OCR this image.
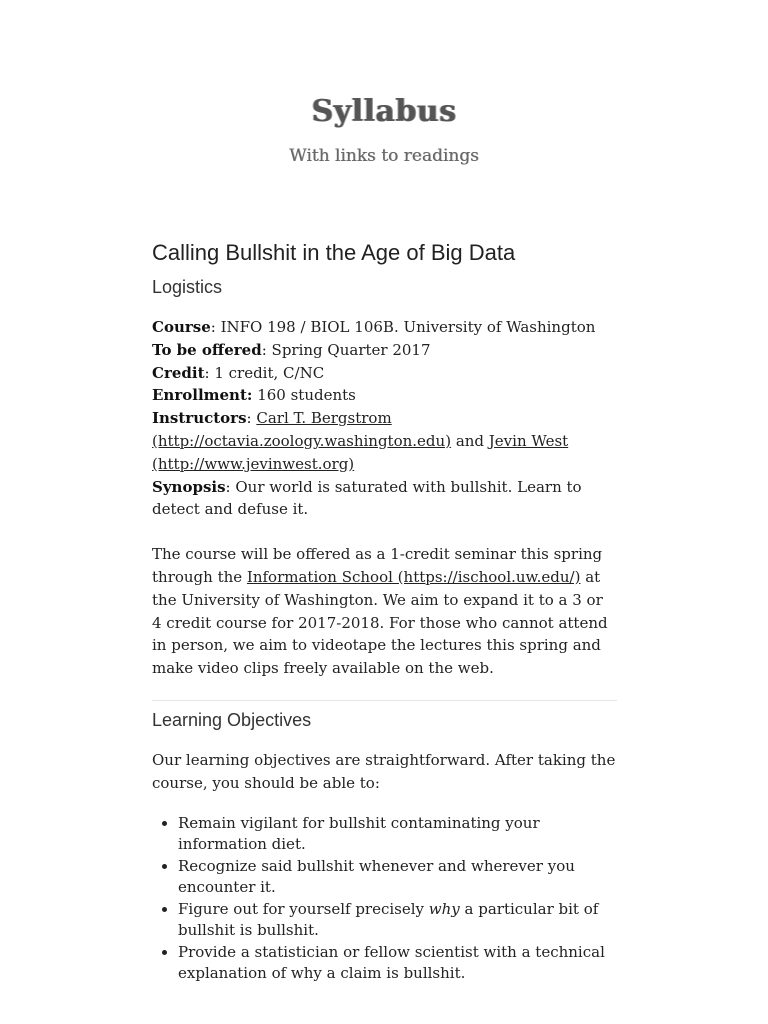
Syllabus
With links to readings
Calling Bullshit in the Age of Big Data
Logistics

Course: INFO 198 / BIOL 106B. University of Washington

To be offered: Spring Quarter 2017

Credit: 1 credit, C/NC

Enrollment: 160 students

Instructors: Carl T. Bergstrom (http://octavia.zoology.washington.edu) and Jevin West (http://www.jevinwest.org)

Synopsis: Our world is saturated with bullshit. Learn to detect and defuse it.

The course will be offered as a 1-credit seminar this spring through the Information School (https://ischool.uw.edu/) at the University of Washington. We aim to expand it to a 3 or 4 credit course for 2017-2018. For those who cannot attend in person, we aim to videotape the lectures this spring and make video clips freely available on the web.

Learning Objectives

Our learning objectives are straightforward. After taking the course, you should be able to:

• Remain vigilant for bullshit contaminating your information diet.
• Recognize said bullshit whenever and wherever you encounter it.
• Figure out for yourself precisely why a particular bit of bullshit is bullshit.
• Provide a statistician or fellow scientist with a technical explanation of why a claim is bullshit.
